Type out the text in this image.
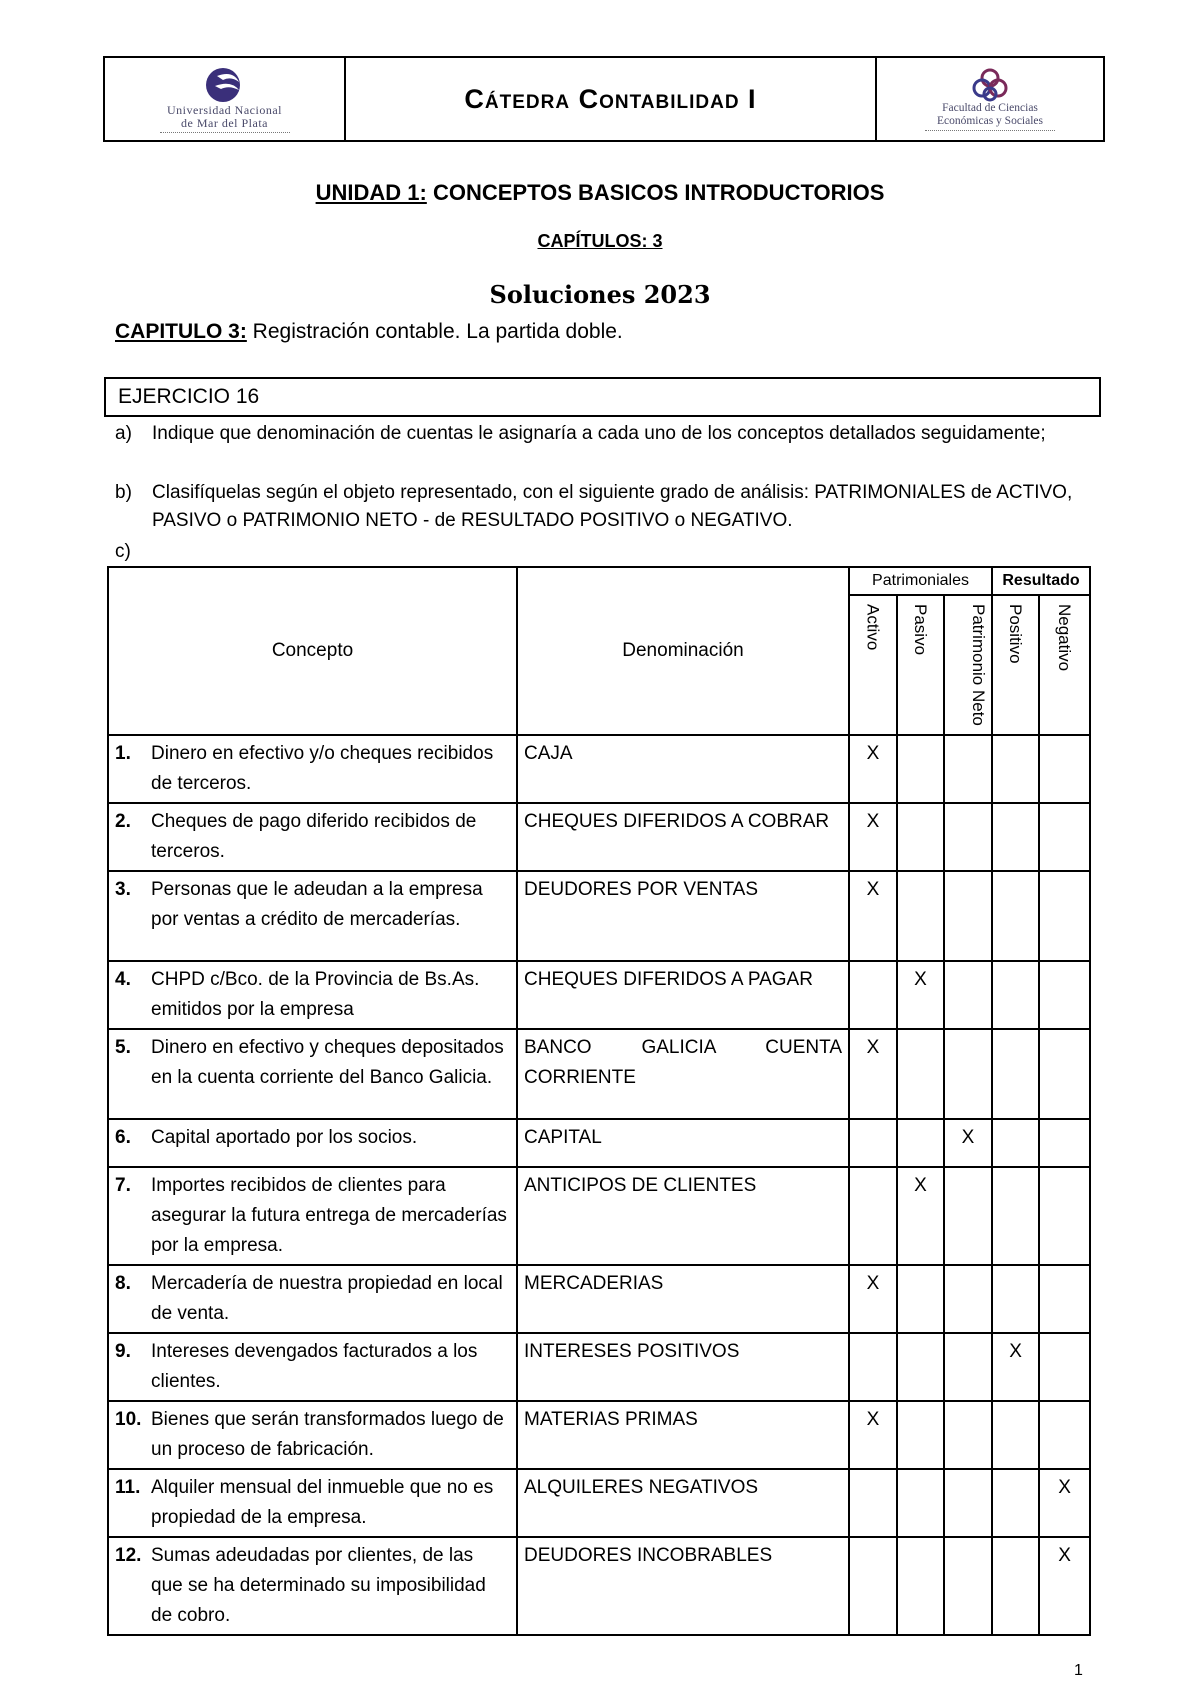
Universidad Nacional
de Mar del Plata
Cátedra Contabilidad I	Facultad de Ciencias
Económicas y Sociales
UNIDAD 1: CONCEPTOS BASICOS INTRODUCTORIOS
CAPÍTULOS: 3
Soluciones 2023
CAPITULO 3: Registración contable. La partida doble.
EJERCICIO 16
a) Indique que denominación de cuentas le asignaría a cada uno de los conceptos detallados seguidamente;
b) Clasifíquelas según el objeto representado, con el siguiente grado de análisis: PATRIMONIALES de ACTIVO, PASIVO o PATRIMONIO NETO - de RESULTADO POSITIVO o NEGATIVO.
c)
Concepto	Denominación	Patrimoniales			Resultado	

		Activo	Pasivo	Patrimonio Neto	Positivo	Negativo

1. Dinero en efectivo y/o cheques recibidos de terceros.	CAJA	X				

2. Cheques de pago diferido recibidos de terceros.	CHEQUES DIFERIDOS A COBRAR	X				

3. Personas que le adeudan a la empresa por ventas a crédito de mercaderías.	DEUDORES POR VENTAS	X				

4. CHPD c/Bco. de la Provincia de Bs.As. emitidos por la empresa	CHEQUES DIFERIDOS A PAGAR		X			

5. Dinero en efectivo y cheques depositados en la cuenta corriente del Banco Galicia.	BANCO GALICIA CUENTA CORRIENTE	X				

6. Capital aportado por los socios.	CAPITAL			X		

7. Importes recibidos de clientes para asegurar la futura entrega de mercaderías por la empresa.	ANTICIPOS DE CLIENTES		X			

8. Mercadería de nuestra propiedad en local de venta.	MERCADERIAS	X				

9. Intereses devengados facturados a los clientes.	INTERESES POSITIVOS				X	

10. Bienes que serán transformados luego de un proceso de fabricación.	MATERIAS PRIMAS	X				

11. Alquiler mensual del inmueble que no es propiedad de la empresa.	ALQUILERES NEGATIVOS					X

12. Sumas adeudadas por clientes, de las que se ha determinado su imposibilidad de cobro.	DEUDORES INCOBRABLES					X
1
